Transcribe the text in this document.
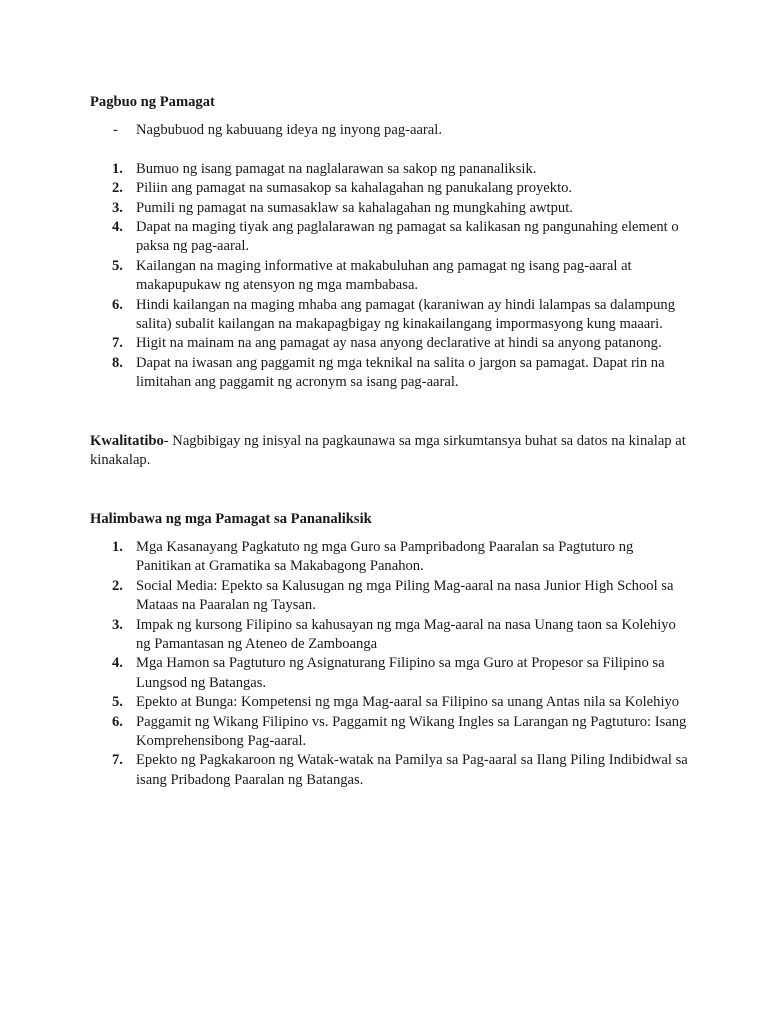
Pagbuo ng Pamagat

- Nagbubuod ng kabuuang ideya ng inyong pag-aaral.
1. Bumuo ng isang pamagat na naglalarawan sa sakop ng pananaliksik.
2. Piliin ang pamagat na sumasakop sa kahalagahan ng panukalang proyekto.
3. Pumili ng pamagat na sumasaklaw sa kahalagahan ng mungkahing awtput.
4. Dapat na maging tiyak ang paglalarawan ng pamagat sa kalikasan ng pangunahing element o paksa ng pag-aaral.
5. Kailangan na maging informative at makabuluhan ang pamagat ng isang pag-aaral at makapupukaw ng atensyon ng mga mambabasa.
6. Hindi kailangan na maging mhaba ang pamagat (karaniwan ay hindi lalampas sa dalampung salita) subalit kailangan na makapagbigay ng kinakailangang impormasyong kung maaari.
7. Higit na mainam na ang pamagat ay nasa anyong declarative at hindi sa anyong patanong.
8. Dapat na iwasan ang paggamit ng mga teknikal na salita o jargon sa pamagat. Dapat rin na limitahan ang paggamit ng acronym sa isang pag-aaral.

Kwalitatibo- Nagbibigay ng inisyal na pagkaunawa sa mga sirkumtansya buhat sa datos na kinalap at kinakalap.

Halimbawa ng mga Pamagat sa Pananaliksik

1. Mga Kasanayang Pagkatuto ng mga Guro sa Pampribadong Paaralan sa Pagtuturo ng Panitikan at Gramatika sa Makabagong Panahon.
2. Social Media: Epekto sa Kalusugan ng mga Piling Mag-aaral na nasa Junior High School sa Mataas na Paaralan ng Taysan.
3. Impak ng kursong Filipino sa kahusayan ng mga Mag-aaral na nasa Unang taon sa Kolehiyo ng Pamantasan ng Ateneo de Zamboanga
4. Mga Hamon sa Pagtuturo ng Asignaturang Filipino sa mga Guro at Propesor sa Filipino sa Lungsod ng Batangas.
5. Epekto at Bunga: Kompetensi ng mga Mag-aaral sa Filipino sa unang Antas nila sa Kolehiyo
6. Paggamit ng Wikang Filipino vs. Paggamit ng Wikang Ingles sa Larangan ng Pagtuturo: Isang Komprehensibong Pag-aaral.
7. Epekto ng Pagkakaroon ng Watak-watak na Pamilya sa Pag-aaral sa Ilang Piling Indibidwal sa isang Pribadong Paaralan ng Batangas.
